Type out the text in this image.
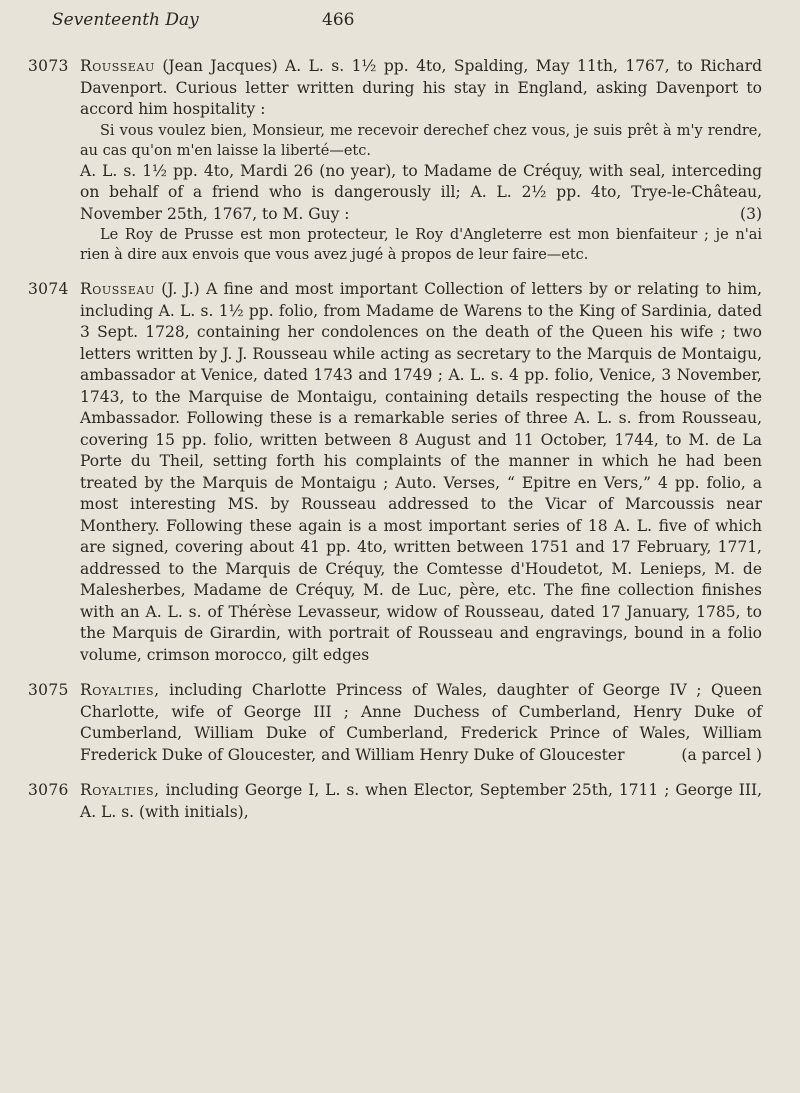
Seventeenth Day	466
3073 Rousseau (Jean Jacques) A. L. s. 1½ pp. 4to, Spalding, May 11th, 1767, to Richard Davenport. Curious letter written during his stay in England, asking Davenport to accord him hospitality :

Si vous voulez bien, Monsieur, me recevoir derechef chez vous, je suis prêt à m'y rendre, au cas qu'on m'en laisse la liberté—etc.

A. L. s. 1½ pp. 4to, Mardi 26 (no year), to Madame de Créquy, with seal, interceding on behalf of a friend who is dangerously ill; A. L. 2½ pp. 4to, Trye-le-Château, November 25th, 1767, to M. Guy :	(3)

Le Roy de Prusse est mon protecteur, le Roy d'Angleterre est mon bienfaiteur ; je n'ai rien à dire aux envois que vous avez jugé à propos de leur faire—etc.

3074 Rousseau (J. J.) A fine and most important Collection of letters by or relating to him, including A. L. s. 1½ pp. folio, from Madame de Warens to the King of Sardinia, dated 3 Sept. 1728, containing her condolences on the death of the Queen his wife ; two letters written by J. J. Rousseau while acting as secretary to the Marquis de Montaigu, ambassador at Venice, dated 1743 and 1749 ; A. L. s. 4 pp. folio, Venice, 3 November, 1743, to the Marquise de Montaigu, containing details respecting the house of the Ambassador. Following these is a remarkable series of three A. L. s. from Rousseau, covering 15 pp. folio, written between 8 August and 11 October, 1744, to M. de La Porte du Theil, setting forth his complaints of the manner in which he had been treated by the Marquis de Montaigu ; Auto. Verses, “ Epitre en Vers,” 4 pp. folio, a most interesting MS. by Rousseau addressed to the Vicar of Marcoussis near Monthery. Following these again is a most important series of 18 A. L. five of which are signed, covering about 41 pp. 4to, written between 1751 and 17 February, 1771, addressed to the Marquis de Créquy, the Comtesse d'Houdetot, M. Lenieps, M. de Malesherbes, Madame de Créquy, M. de Luc, père, etc. The fine collection finishes with an A. L. s. of Thérèse Levasseur, widow of Rousseau, dated 17 January, 1785, to the Marquis de Girardin, with portrait of Rousseau and engravings, bound in a folio volume, crimson morocco, gilt edges

3075 Royalties, including Charlotte Princess of Wales, daughter of George IV ; Queen Charlotte, wife of George III ; Anne Duchess of Cumberland, Henry Duke of Cumberland, William Duke of Cumberland, Frederick Prince of Wales, William Frederick Duke of Gloucester, and William Henry Duke of Gloucester	(a parcel )

3076 Royalties, including George I, L. s. when Elector, September 25th, 1711 ; George III, A. L. s. (with initials),
